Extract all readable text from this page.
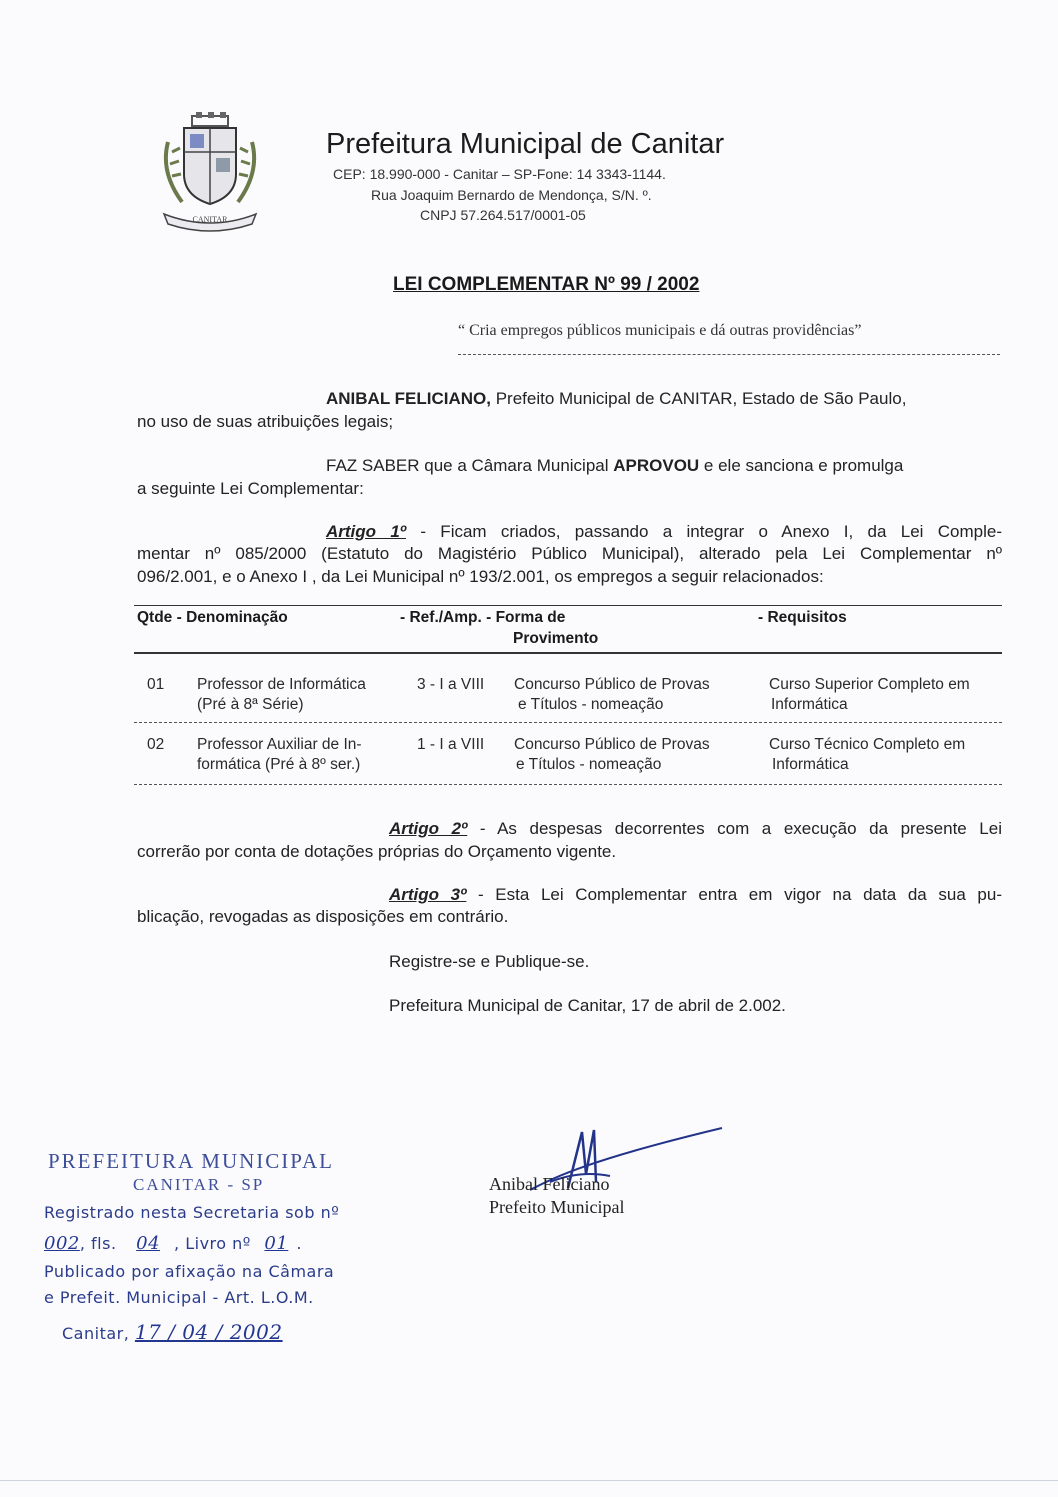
CANITAR
Prefeitura Municipal de Canitar
CEP: 18.990-000 - Canitar – SP-Fone: 14 3343-1144.
Rua Joaquim Bernardo de Mendonça, S/N. º.
CNPJ 57.264.517/0001-05
LEI COMPLEMENTAR Nº 99 / 2002
“ Cria empregos públicos municipais e dá outras providências”
ANIBAL FELICIANO, Prefeito Municipal de CANITAR, Estado de São Paulo,
no uso de suas atribuições legais;
FAZ SABER que a Câmara Municipal APROVOU e ele sanciona e promulga
a seguinte Lei Complementar:
Artigo 1º - Ficam criados, passando a integrar o Anexo I, da Lei Comple-
mentar nº 085/2000 (Estatuto do Magistério Público Municipal), alterado pela Lei Complementar nº
096/2.001, e o Anexo I , da Lei Municipal nº 193/2.001, os empregos a seguir relacionados:
Qtde - Denominação	- Ref./Amp. - Forma de
Provimento
- Requisitos
01 Professor de Informática
(Pré à 8ª Série)
3 - I a VIII Concurso Público de Provas
e Títulos - nomeação
Curso Superior Completo em
Informática
02 Professor Auxiliar de In-
formática (Pré à 8º ser.)
1 - I a VIII Concurso Público de Provas
e Títulos - nomeação
Curso Técnico Completo em
Informática
Artigo 2º - As despesas decorrentes com a execução da presente Lei
correrão por conta de dotações próprias do Orçamento vigente.
Artigo 3º - Esta Lei Complementar entra em vigor na data da sua pu-
blicação, revogadas as disposições em contrário.
Registre-se e Publique-se.
Prefeitura Municipal de Canitar, 17 de abril de 2.002.
PREFEITURA MUNICIPAL
CANITAR - SP
Registrado nesta Secretaria sob nº
002, fls. 04 , Livro nº 01 .
Publicado por afixação na Câmara
e Prefeit. Municipal - Art. L.O.M.
Canitar, 17 / 04 / 2002
Anibal Feliciano
Prefeito Municipal
